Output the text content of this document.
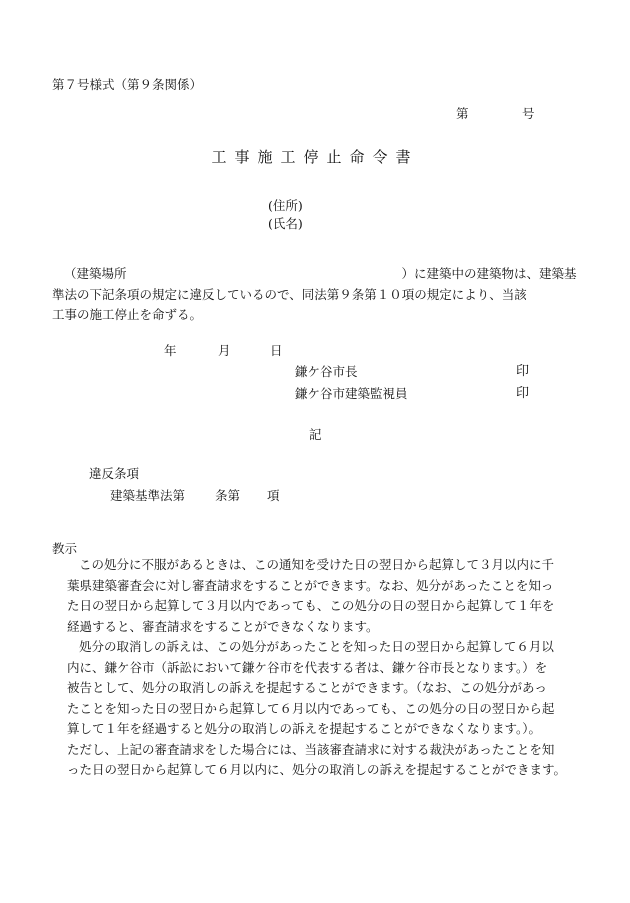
第７号様式（第９条関係）
第	号
工事施工停止命令書
(住所)
(氏名)

（建築場所　　　　　　　　　　　　　　　　　　　　　　）に建築中の建築物は、建築基

準法の下記条項の規定に違反しているので、同法第９条第１０項の規定により、当該

工事の施工停止を命ずる。

年	月	日
鎌ケ谷市長	印
鎌ケ谷市建築監視員	印
記
違反条項
建築基準法第 条第 項
教示

この処分に不服があるときは、この通知を受けた日の翌日から起算して３月以内に千

葉県建築審査会に対し審査請求をすることができます。なお、処分があったことを知っ

た日の翌日から起算して３月以内であっても、この処分の日の翌日から起算して１年を

経過すると、審査請求をすることができなくなります。

処分の取消しの訴えは、この処分があったことを知った日の翌日から起算して６月以

内に、鎌ケ谷市（訴訟において鎌ケ谷市を代表する者は、鎌ケ谷市長となります。）を

被告として、処分の取消しの訴えを提起することができます。（なお、この処分があっ

たことを知った日の翌日から起算して６月以内であっても、この処分の日の翌日から起

算して１年を経過すると処分の取消しの訴えを提起することができなくなります。）。

ただし、上記の審査請求をした場合には、当該審査請求に対する裁決があったことを知

った日の翌日から起算して６月以内に、処分の取消しの訴えを提起することができます。
